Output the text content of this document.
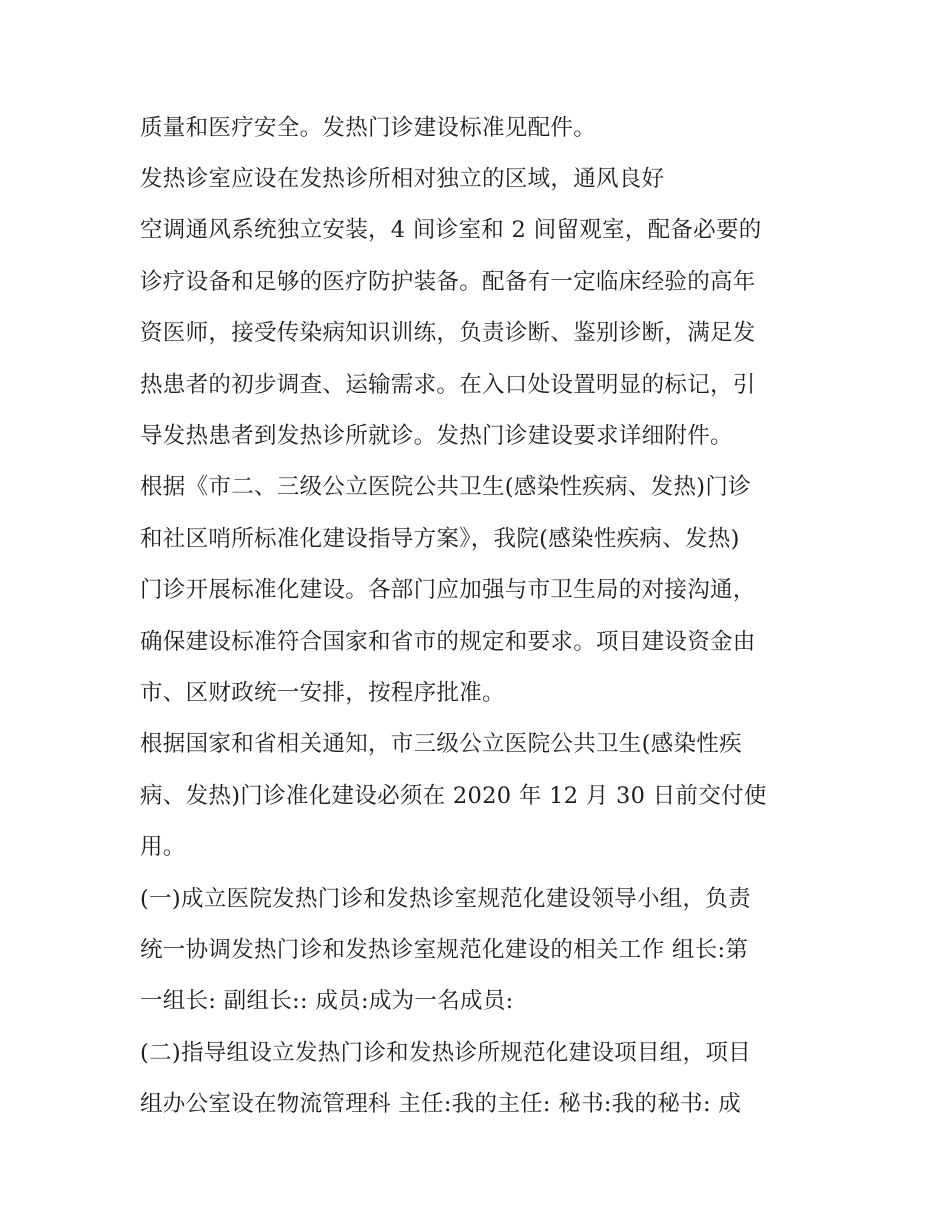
质量和医疗安全。发热门诊建设标准见配件。
发热诊室应设在发热诊所相对独立的区域，通风良好
空调通风系统独立安装，4 间诊室和 2 间留观室，配备必要的
诊疗设备和足够的医疗防护装备。配备有一定临床经验的高年
资医师，接受传染病知识训练，负责诊断、鉴别诊断，满足发
热患者的初步调查、运输需求。在入口处设置明显的标记，引
导发热患者到发热诊所就诊。发热门诊建设要求详细附件。
根据《市二、三级公立医院公共卫生(感染性疾病、发热)门诊
和社区哨所标准化建设指导方案》，我院(感染性疾病、发热)
门诊开展标准化建设。各部门应加强与市卫生局的对接沟通，
确保建设标准符合国家和省市的规定和要求。项目建设资金由
市、区财政统一安排，按程序批准。
根据国家和省相关通知，市三级公立医院公共卫生(感染性疾
病、发热)门诊准化建设必须在 2020 年 12 月 30 日前交付使
用。
(一)成立医院发热门诊和发热诊室规范化建设领导小组，负责
统一协调发热门诊和发热诊室规范化建设的相关工作 组长:第
一组长: 副组长:: 成员:成为一名成员:
(二)指导组设立发热门诊和发热诊所规范化建设项目组，项目
组办公室设在物流管理科 主任:我的主任: 秘书:我的秘书: 成
